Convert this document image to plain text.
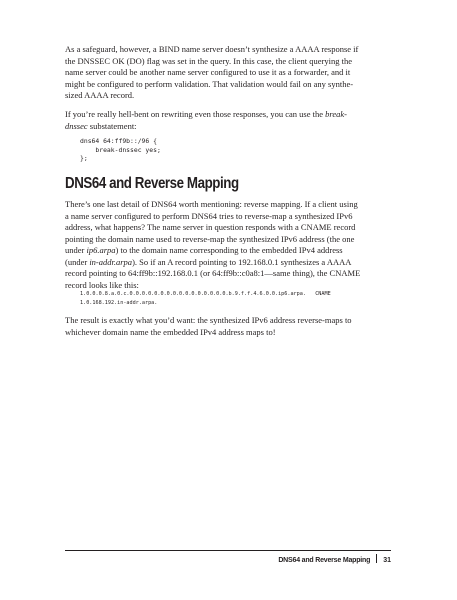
As a safeguard, however, a BIND name server doesn’t synthesize a AAAA response if
the DNSSEC OK (DO) flag was set in the query. In this case, the client querying the
name server could be another name server configured to use it as a forwarder, and it
might be configured to perform validation. That validation would fail on any synthe-
sized AAAA record.

If you’re really hell-bent on rewriting even those responses, you can use the break-
dnssec substatement:

dns64 64:ff9b::/96 {
break-dnssec yes;
};
DNS64 and Reverse Mapping

There’s one last detail of DNS64 worth mentioning: reverse mapping. If a client using
a name server configured to perform DNS64 tries to reverse-map a synthesized IPv6
address, what happens? The name server in question responds with a CNAME record
pointing the domain name used to reverse-map the synthesized IPv6 address (the one
under ip6.arpa) to the domain name corresponding to the embedded IPv4 address
(under in-addr.arpa). So if an A record pointing to 192.168.0.1 synthesizes a AAAA
record pointing to 64:ff9b::192.168.0.1 (or 64:ff9b::c0a8:1—same thing), the CNAME
record looks like this:

1.0.0.0.8.a.0.c.0.0.0.0.0.0.0.0.0.0.0.0.0.0.0.0.b.9.f.f.4.6.0.0.ip6.arpa.   CNAME
1.0.168.192.in-addr.arpa.

The result is exactly what you’d want: the synthesized IPv6 address reverse-maps to
whichever domain name the embedded IPv4 address maps to!

DNS64 and Reverse Mapping 31
